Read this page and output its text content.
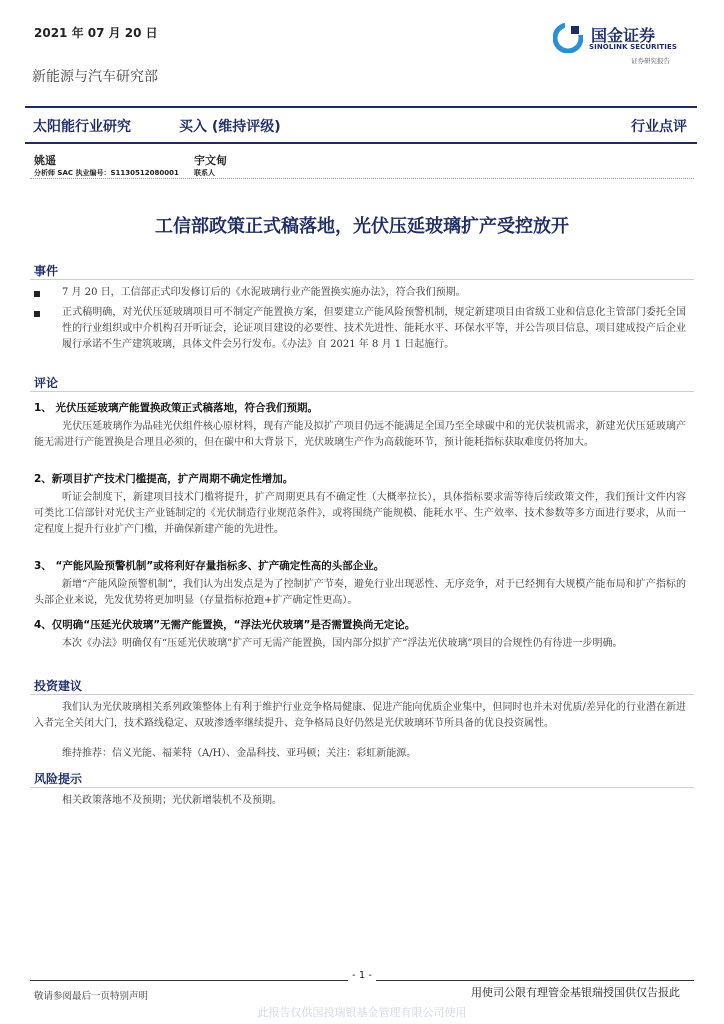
2021 年 07 月 20 日
新能源与汽车研究部
国金证券
SINOLINK SECURITIES
证券研究报告
太阳能行业研究	买入 (维持评级)	行业点评
姚遥
分析师 SAC 执业编号：S1130512080001
宇文甸
联系人
工信部政策正式稿落地，光伏压延玻璃扩产受控放开
事件
7 月 20 日，工信部正式印发修订后的《水泥玻璃行业产能置换实施办法》，符合我们预期。
正式稿明确，对光伏压延玻璃项目可不制定产能置换方案，但要建立产能风险预警机制，规定新建项目由省级工业和信息化主管部门委托全国性的行业组织或中介机构召开听证会，论证项目建设的必要性、技术先进性、能耗水平、环保水平等，并公告项目信息，项目建成投产后企业履行承诺不生产建筑玻璃，具体文件会另行发布。《办法》自 2021 年 8 月 1 日起施行。
评论
1、 光伏压延玻璃产能置换政策正式稿落地，符合我们预期。
光伏压延玻璃作为晶硅光伏组件核心原材料，现有产能及拟扩产项目仍远不能满足全国乃至全球碳中和的光伏装机需求，新建光伏压延玻璃产能无需进行产能置换是合理且必须的，但在碳中和大背景下，光伏玻璃生产作为高载能环节，预计能耗指标获取难度仍将加大。
2、新项目扩产技术门槛提高，扩产周期不确定性增加。
听证会制度下，新建项目技术门槛将提升，扩产周期更具有不确定性（大概率拉长），具体指标要求需等待后续政策文件，我们预计文件内容可类比工信部针对光伏主产业链制定的《光伏制造行业规范条件》，或将围绕产能规模、能耗水平、生产效率、技术参数等多方面进行要求，从而一定程度上提升行业扩产门槛，并确保新建产能的先进性。
3、 “产能风险预警机制”或将利好存量指标多、扩产确定性高的头部企业。
新增“产能风险预警机制”，我们认为出发点是为了控制扩产节奏，避免行业出现恶性、无序竞争，对于已经拥有大规模产能布局和扩产指标的头部企业来说，先发优势将更加明显（存量指标抢跑+扩产确定性更高）。
4、仅明确“压延光伏玻璃”无需产能置换，“浮法光伏玻璃”是否需置换尚无定论。
本次《办法》明确仅有“压延光伏玻璃”扩产可无需产能置换，国内部分拟扩产“浮法光伏玻璃”项目的合规性仍有待进一步明确。
投资建议
我们认为光伏玻璃相关系列政策整体上有利于维护行业竞争格局健康、促进产能向优质企业集中，但同时也并未对优质/差异化的行业潜在新进入者完全关闭大门，技术路线稳定、双玻渗透率继续提升、竞争格局良好仍然是光伏玻璃环节所具备的优良投资属性。
维持推荐：信义光能、福莱特（A/H）、金晶科技、亚玛顿；关注：彩虹新能源。
风险提示
相关政策落地不及预期；光伏新增装机不及预期。
- 1 -
敬请参阅最后一页特别声明	用使司公限有理管金基银瑞授国供仅告报此
此报告仅供国投瑞银基金管理有限公司使用
